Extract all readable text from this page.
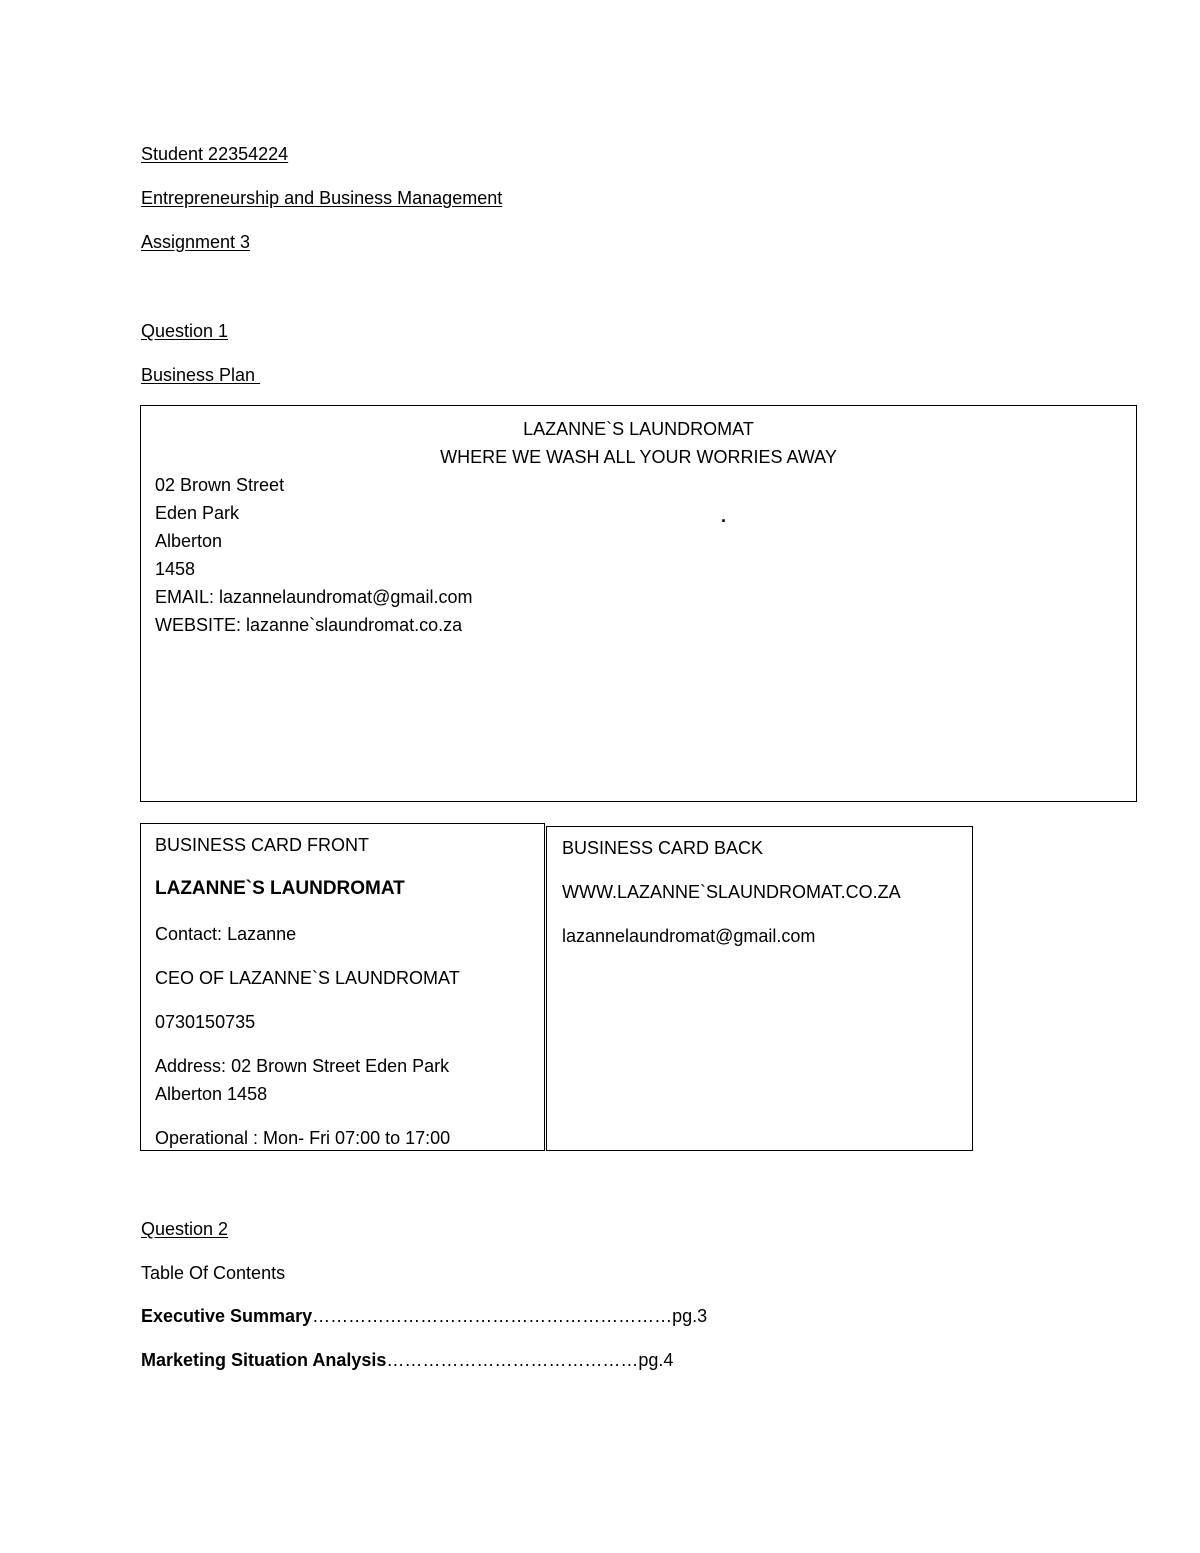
Student 22354224
Entrepreneurship and Business Management
Assignment 3
Question 1
Business Plan
LAZANNE`S LAUNDROMAT
WHERE WE WASH ALL YOUR WORRIES AWAY
02 Brown Street
Eden Park
Alberton
1458
EMAIL: lazannelaundromat@gmail.com
WEBSITE: lazanne`slaundromat.co.za
.
BUSINESS CARD FRONT
LAZANNE`S LAUNDROMAT
Contact: Lazanne
CEO OF LAZANNE`S LAUNDROMAT
0730150735
Address: 02 Brown Street Eden Park
Alberton 1458
Operational : Mon- Fri 07:00 to 17:00
BUSINESS CARD BACK
WWW.LAZANNE`SLAUNDROMAT.CO.ZA
lazannelaundromat@gmail.com
Question 2
Table Of Contents
Executive Summary……………………………………………………pg.3
Marketing Situation Analysis……………………………………pg.4
